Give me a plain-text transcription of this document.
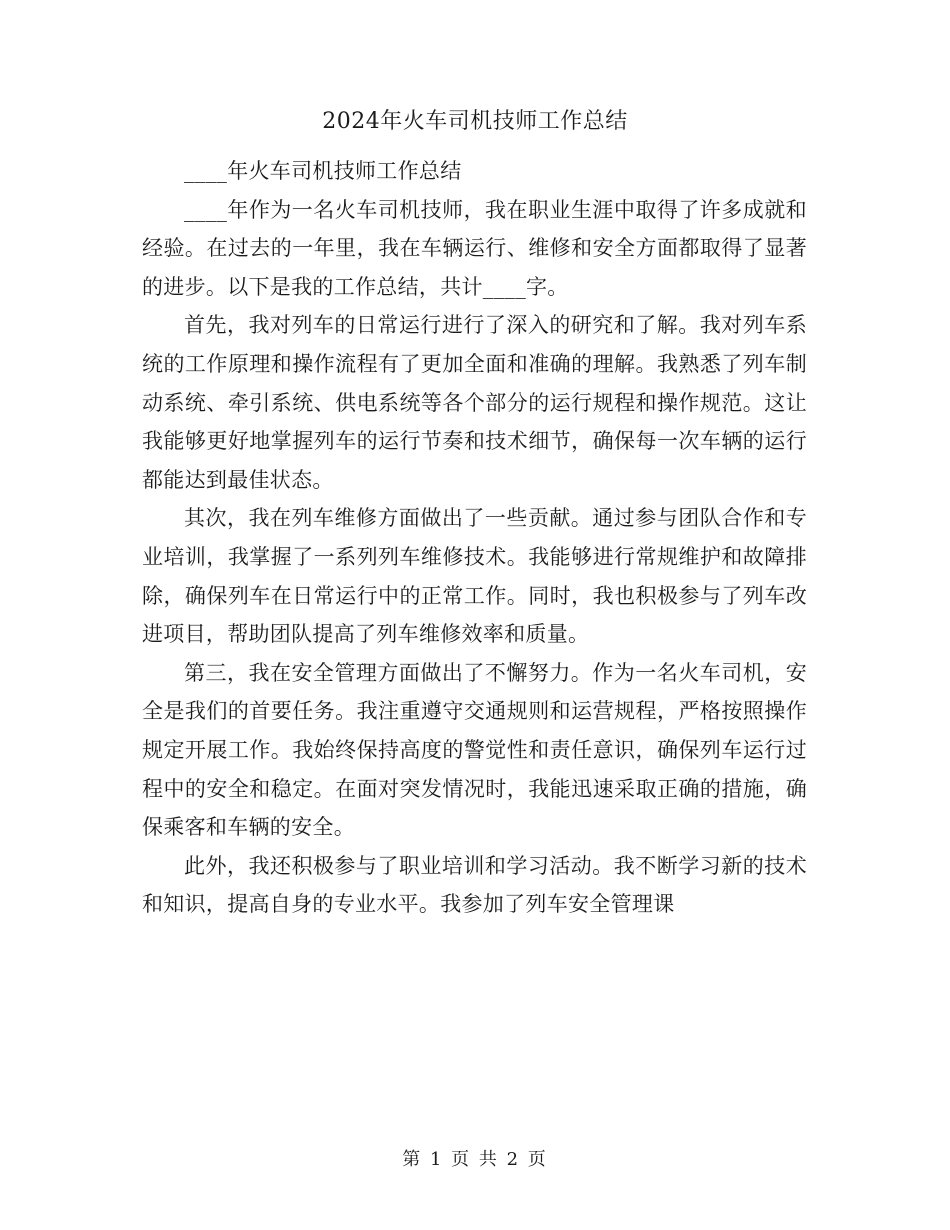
2024年火车司机技师工作总结

____年火车司机技师工作总结

____年作为一名火车司机技师，我在职业生涯中取得了许多成就和经验。在过去的一年里，我在车辆运行、维修和安全方面都取得了显著的进步。以下是我的工作总结，共计____字。

首先，我对列车的日常运行进行了深入的研究和了解。我对列车系统的工作原理和操作流程有了更加全面和准确的理解。我熟悉了列车制动系统、牵引系统、供电系统等各个部分的运行规程和操作规范。这让我能够更好地掌握列车的运行节奏和技术细节，确保每一次车辆的运行都能达到最佳状态。

其次，我在列车维修方面做出了一些贡献。通过参与团队合作和专业培训，我掌握了一系列列车维修技术。我能够进行常规维护和故障排除，确保列车在日常运行中的正常工作。同时，我也积极参与了列车改进项目，帮助团队提高了列车维修效率和质量。

第三，我在安全管理方面做出了不懈努力。作为一名火车司机，安全是我们的首要任务。我注重遵守交通规则和运营规程，严格按照操作规定开展工作。我始终保持高度的警觉性和责任意识，确保列车运行过程中的安全和稳定。在面对突发情况时，我能迅速采取正确的措施，确保乘客和车辆的安全。

此外，我还积极参与了职业培训和学习活动。我不断学习新的技术和知识，提高自身的专业水平。我参加了列车安全管理课

第 1 页 共 2 页
